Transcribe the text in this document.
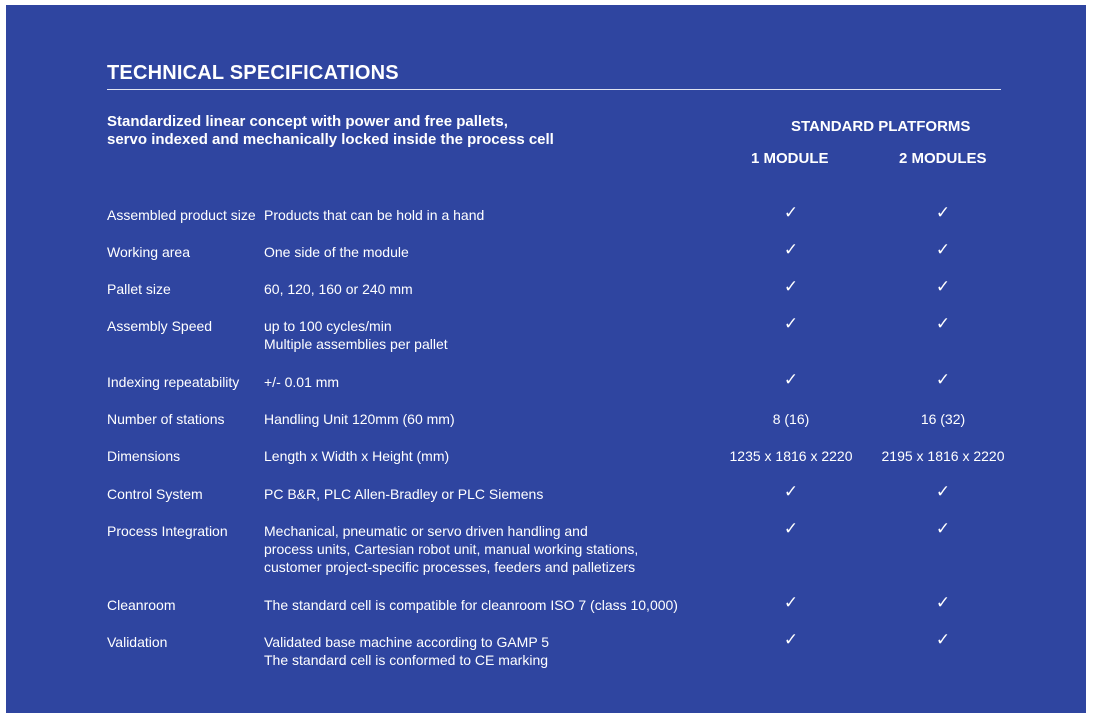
TECHNICAL SPECIFICATIONS

Standardized linear concept with power and free pallets,
servo indexed and mechanically locked inside the process cell

STANDARD PLATFORMS
1 MODULE	2 MODULES
Assembled product size Products that can be hold in a hand	✓	✓
Working area	One side of the module	✓	✓
Pallet size	60, 120, 160 or 240 mm	✓	✓
Assembly Speed	up to 100 cycles/min
Multiple assemblies per pallet
✓	✓
Indexing repeatability +/- 0.01 mm	✓	✓
Number of stations	Handling Unit 120mm (60 mm)	8 (16)	16 (32)
Dimensions	Length x Width x Height (mm)	1235 x 1816 x 2220	2195 x 1816 x 2220
Control System	PC B&R, PLC Allen-Bradley or PLC Siemens	✓	✓
Process Integration	Mechanical, pneumatic or servo driven handling and
process units, Cartesian robot unit, manual working stations,
customer project-specific processes, feeders and palletizers
✓	✓
Cleanroom	The standard cell is compatible for cleanroom ISO 7 (class 10,000)	✓	✓
Validation	Validated base machine according to GAMP 5
The standard cell is conformed to CE marking
✓	✓
